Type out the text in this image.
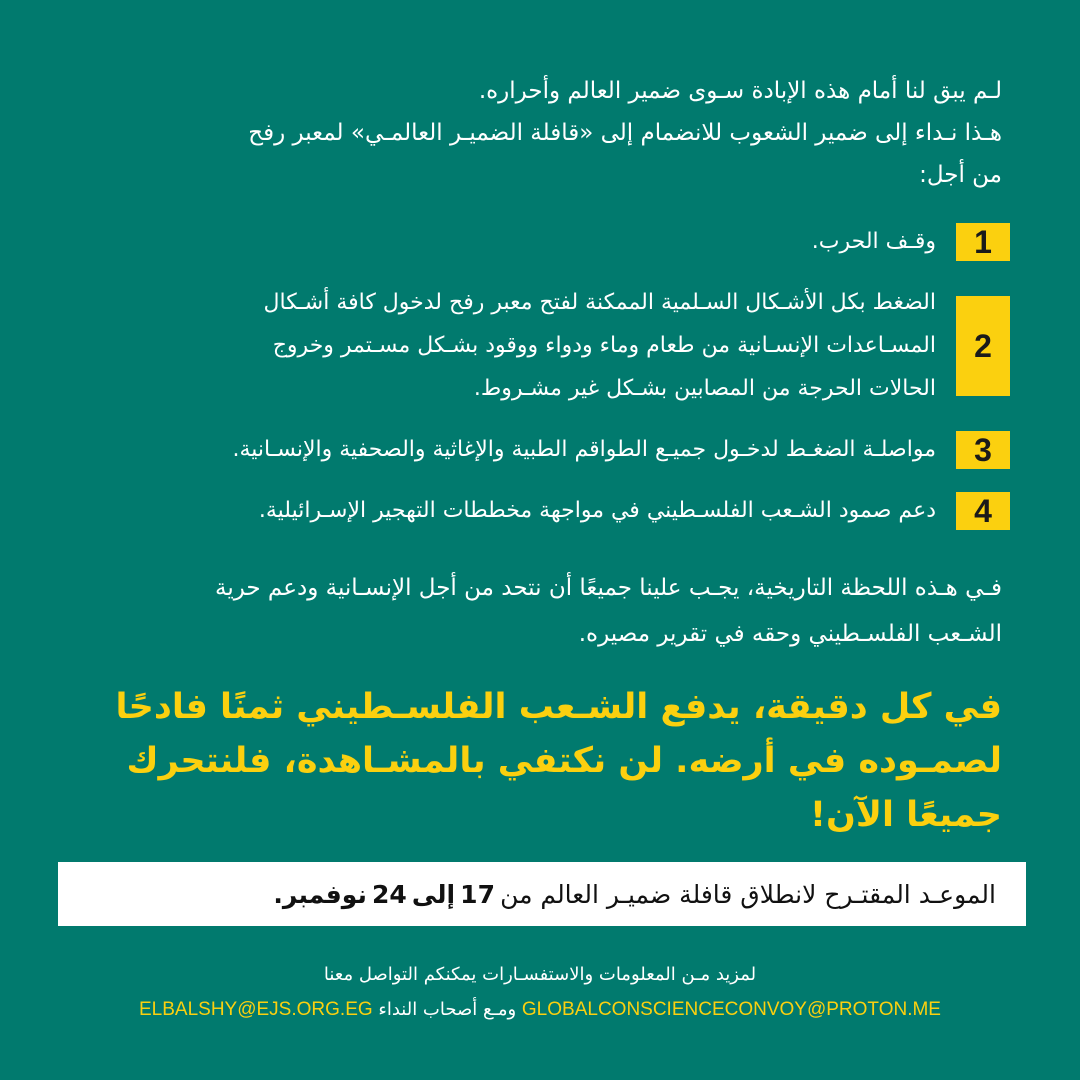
لـم يبق لنا أمام هذه الإبادة سـوى ضمير العالم وأحراره.

هـذا نـداء إلى ضمير الشعوب للانضمام إلى «قافلة الضميـر العالمـي» لمعبر رفح

من أجل:

1
وقـف الحرب.
2
الضغط بكل الأشـكال السـلمية الممكنة لفتح معبر رفح لدخول كافة أشـكال
المسـاعدات الإنسـانية من طعام وماء ودواء ووقود بشـكل مسـتمر وخروج
الحالات الحرجة من المصابين بشـكل غير مشـروط.
3
مواصلـة الضغـط لدخـول جميـع الطواقم الطبية والإغاثية والصحفية والإنسـانية.
4
دعم صمود الشـعب الفلسـطيني في مواجهة مخططات التهجير الإسـرائيلية.

فـي هـذه اللحظة التاريخية، يجـب علينا جميعًا أن نتحد من أجل الإنسـانية ودعم حرية

الشـعب الفلسـطيني وحقه في تقرير مصيره.

في كل دقيقة، يدفع الشـعب الفلسـطيني ثمنًا فادحًا

لصمـوده في أرضه. لن نكتفي بالمشـاهدة، فلنتحرك

جميعًا الآن!

الموعـد المقتـرح لانطلاق قافلة ضميـر العالم من

17

إلى

24

نوفمبر.
لمزيد مـن المعلومات والاستفسـارات يمكنكم التواصل معنا
GLOBALCONSCIENCECONVOY@PROTON.ME ومـع أصحاب النداء ELBALSHY@EJS.ORG.EG
